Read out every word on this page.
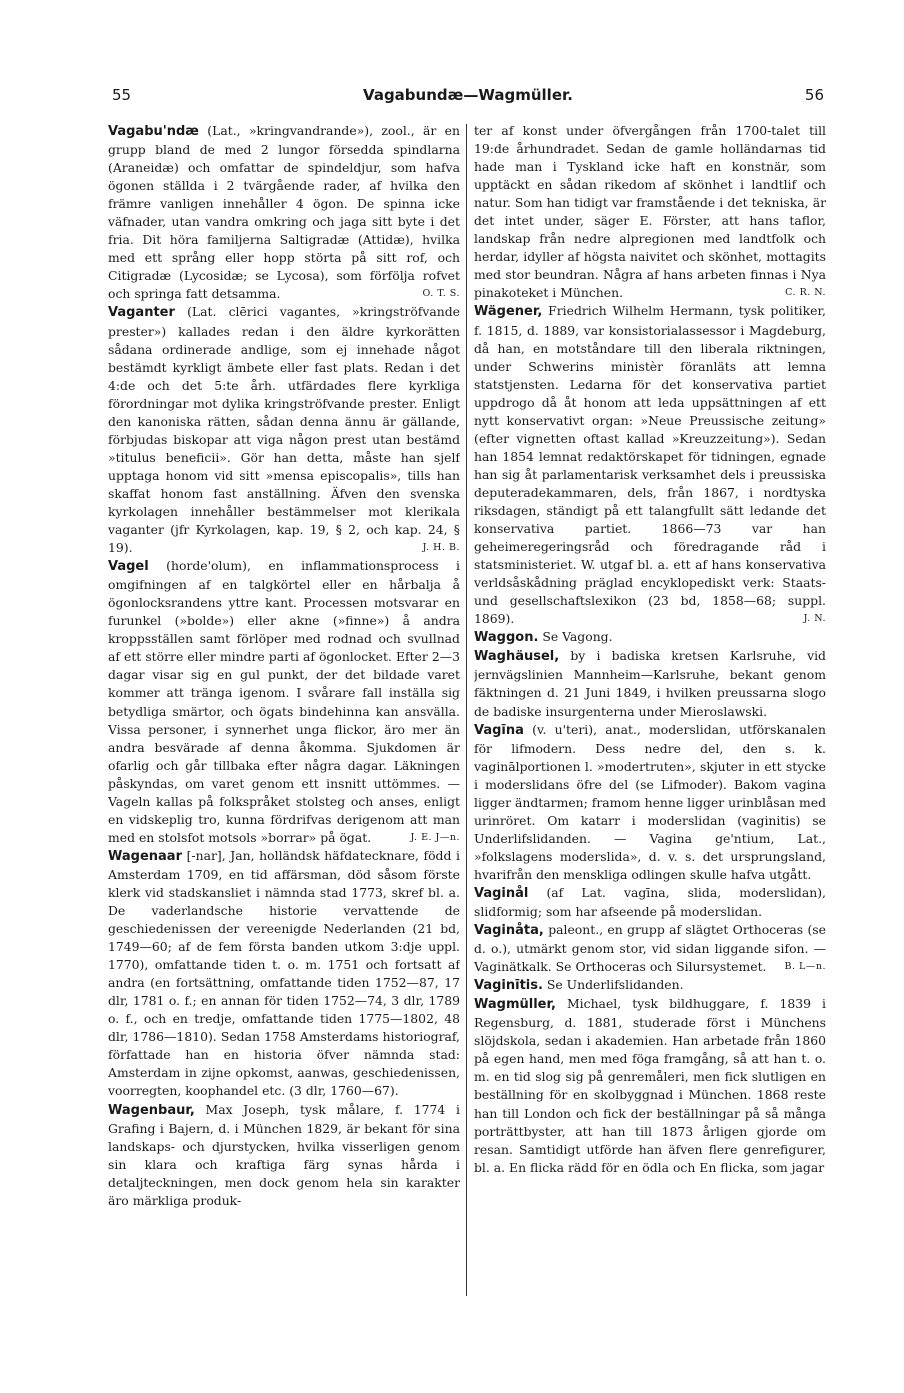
55	Vagabundæ—Wagmüller.	56

Vagabu'ndæ (Lat., »kringvandrande»), zool., är en grupp bland de med 2 lungor försedda spindlarna (Araneidæ) och omfattar de spindeldjur, som hafva ögonen ställda i 2 tvärgående rader, af hvilka den främre vanligen innehåller 4 ögon. De spinna icke väfnader, utan vandra omkring och jaga sitt byte i det fria. Dit höra familjerna Saltigradæ (Attidæ), hvilka med ett språng eller hopp störta på sitt rof, och Citigradæ (Lycosidæ; se Lycosa), som förfölja rofvet och springa fatt detsamma.	O. T. S.

Vaganter (Lat. clērici vagantes, »kringströfvande prester») kallades redan i den äldre kyrkorätten sådana ordinerade andlige, som ej innehade något bestämdt kyrkligt ämbete eller fast plats. Redan i det 4:de och det 5:te årh. utfärdades flere kyrkliga förordningar mot dylika kringströfvande prester. Enligt den kanoniska rätten, sådan denna ännu är gällande, förbjudas biskopar att viga någon prest utan bestämd »titulus beneficii». Gör han detta, måste han sjelf upptaga honom vid sitt »mensa episcopalis», tills han skaffat honom fast anställning. Äfven den svenska kyrkolagen innehåller bestämmelser mot klerikala vaganter (jfr Kyrkolagen, kap. 19, § 2, och kap. 24, § 19).	J. H. B.

Vagel (horde'olum), en inflammationsprocess i omgifningen af en talgkörtel eller en hårbalja å ögonlocksrandens yttre kant. Processen motsvarar en furunkel (»bolde») eller akne (»finne») å andra kroppsställen samt förlöper med rodnad och svullnad af ett större eller mindre parti af ögonlocket. Efter 2—3 dagar visar sig en gul punkt, der det bildade varet kommer att tränga igenom. I svårare fall inställa sig betydliga smärtor, och ögats bindehinna kan ansvälla. Vissa personer, i synnerhet unga flickor, äro mer än andra besvärade af denna åkomma. Sjukdomen är ofarlig och går tillbaka efter några dagar. Läkningen påskyndas, om varet genom ett insnitt uttömmes. — Vageln kallas på folkspråket stolsteg och anses, enligt en vidskeplig tro, kunna fördrifvas derigenom att man med en stolsfot motsols »borrar» på ögat.	J. E. J—n.

Wagenaar [-nar], Jan, holländsk häfdatecknare, född i Amsterdam 1709, en tid affärsman, död såsom förste klerk vid stadskansliet i nämnda stad 1773, skref bl. a. De vaderlandsche historie vervattende de geschiedenissen der vereenigde Nederlanden (21 bd, 1749—60; af de fem första banden utkom 3:dje uppl. 1770), omfattande tiden t. o. m. 1751 och fortsatt af andra (en fortsättning, omfattande tiden 1752—87, 17 dlr, 1781 o. f.; en annan för tiden 1752—74, 3 dlr, 1789 o. f., och en tredje, omfattande tiden 1775—1802, 48 dlr, 1786—1810). Sedan 1758 Amsterdams historiograf, författade han en historia öfver nämnda stad: Amsterdam in zijne opkomst, aanwas, geschiedenissen, voorregten, koophandel etc. (3 dlr, 1760—67).

Wagenbaur, Max Joseph, tysk målare, f. 1774 i Grafing i Bajern, d. i München 1829, är bekant för sina landskaps- och djurstycken, hvilka visserligen genom sin klara och kraftiga färg synas hårda i detaljteckningen, men dock genom hela sin karakter äro märkliga produk-

ter af konst under öfvergången från 1700-talet till 19:de århundradet. Sedan de gamle holländarnas tid hade man i Tyskland icke haft en konstnär, som upptäckt en sådan rikedom af skönhet i landtlif och natur. Som han tidigt var framstående i det tekniska, är det intet under, säger E. Förster, att hans taflor, landskap från nedre alpregionen med landtfolk och herdar, idyller af högsta naivitet och skönhet, mottagits med stor beundran. Några af hans arbeten finnas i Nya pinakoteket i München.	C. R. N.

Wägener, Friedrich Wilhelm Hermann, tysk politiker, f. 1815, d. 1889, var konsistorialassessor i Magdeburg, då han, en motståndare till den liberala riktningen, under Schwerins ministèr föranläts att lemna statstjensten. Ledarna för det konservativa partiet uppdrogo då åt honom att leda uppsättningen af ett nytt konservativt organ: »Neue Preussische zeitung» (efter vignetten oftast kallad »Kreuzzeitung»). Sedan han 1854 lemnat redaktörskapet för tidningen, egnade han sig åt parlamentarisk verksamhet dels i preussiska deputeradekammaren, dels, från 1867, i nordtyska riksdagen, ständigt på ett talangfullt sätt ledande det konservativa partiet. 1866—73 var han geheimeregeringsråd och föredragande råd i statsministeriet. W. utgaf bl. a. ett af hans konservativa verldsåskådning präglad encyklopediskt verk: Staats- und gesellschaftslexikon (23 bd, 1858—68; suppl. 1869).	J. N.

Waggon. Se Vagong.

Waghäusel, by i badiska kretsen Karlsruhe, vid jernvägslinien Mannheim—Karlsruhe, bekant genom fäktningen d. 21 Juni 1849, i hvilken preussarna slogo de badiske insurgenterna under Mieroslawski.

Vagīna (v. u'teri), anat., moderslidan, utförskanalen för lifmodern. Dess nedre del, den s. k. vaginālportionen l. »modertruten», skjuter in ett stycke i moderslidans öfre del (se Lifmoder). Bakom vagina ligger ändtarmen; framom henne ligger urinblåsan med urinröret. Om katarr i moderslidan (vaginitis) se Underlifslidanden. — Vagina ge'ntium, Lat., »folkslagens moderslida», d. v. s. det ursprungsland, hvarifrån den menskliga odlingen skulle hafva utgått.

Vaginål (af Lat. vagīna, slida, moderslidan), slidformig; som har afseende på moderslidan.

Vaginåta, paleont., en grupp af slägtet Orthoceras (se d. o.), utmärkt genom stor, vid sidan liggande sifon. — Vaginätkalk. Se Orthoceras och Silursystemet. B. L—n.

Vaginītis. Se Underlifslidanden.

Wagmüller, Michael, tysk bildhuggare, f. 1839 i Regensburg, d. 1881, studerade först i Münchens slöjdskola, sedan i akademien. Han arbetade från 1860 på egen hand, men med föga framgång, så att han t. o. m. en tid slog sig på genremåleri, men fick slutligen en beställning för en skolbyggnad i München. 1868 reste han till London och fick der beställningar på så många porträttbyster, att han till 1873 årligen gjorde om resan. Samtidigt utförde han äfven flere genrefigurer, bl. a. En flicka rädd för en ödla och En flicka, som jagar
